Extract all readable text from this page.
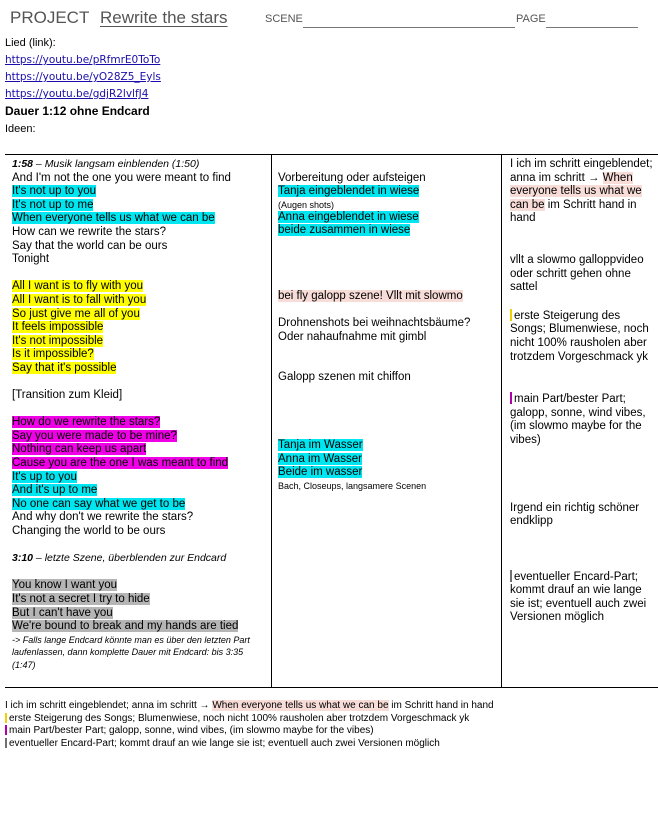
PROJECT Rewrite the stars	SCENE	PAGE
Lied (link):
https://youtu.be/pRfmrE0ToTo
https://youtu.be/yO28Z5_Eyls
https://youtu.be/gdjR2lvlfJ4
Dauer 1:12 ohne Endcard
Ideen:

1:58 – Musik langsam einblenden (1:50)

And I'm not the one you were meant to find

It's not up to you

It's not up to me

When everyone tells us what we can be

How can we rewrite the stars?

Say that the world can be ours

Tonight

All I want is to fly with you

All I want is to fall with you

So just give me all of you

It feels impossible

It's not impossible

Is it impossible?

Say that it's possible

[Transition zum Kleid]

How do we rewrite the stars?

Say you were made to be mine?

Nothing can keep us apart

Cause you are the one I was meant to find

It's up to you

And it's up to me

No one can say what we get to be

And why don't we rewrite the stars?

Changing the world to be ours

3:10 – letzte Szene, überblenden zur Endcard

You know I want you

It's not a secret I try to hide

But I can't have you

We're bound to break and my hands are tied

-> Falls lange Endcard könnte man es über den letzten Part laufenlassen, dann komplette Dauer mit Endcard: bis 3:35 (1:47)

Vorbereitung oder aufsteigen

Tanja eingeblendet in wiese

(Augen shots)

Anna eingeblendet in wiese

beide zusammen in wiese

bei fly galopp szene! Vllt mit slowmo

Drohnenshots bei weihnachtsbäume?

Oder nahaufnahme mit gimbl

Galopp szenen mit chiffon

Tanja im Wasser

Anna im Wasser

Beide im wasser

Bach, Closeups, langsamere Scenen

I ich im schritt eingeblendet; anna im schritt → When everyone tells us what we can be im Schritt hand in hand

vllt a slowmo galloppvideo oder schritt gehen ohne sattel

erste Steigerung des Songs; Blumenwiese, noch nicht 100% rausholen aber trotzdem Vorgeschmack yk

main Part/bester Part; galopp, sonne, wind vibes, (im slowmo maybe for the vibes)

Irgend ein richtig schöner endklipp

eventueller Encard-Part; kommt drauf an wie lange sie ist; eventuell auch zwei Versionen möglich

I ich im schritt eingeblendet; anna im schritt → When everyone tells us what we can be im Schritt hand in hand

erste Steigerung des Songs; Blumenwiese, noch nicht 100% rausholen aber trotzdem Vorgeschmack yk

main Part/bester Part; galopp, sonne, wind vibes, (im slowmo maybe for the vibes)

eventueller Encard-Part; kommt drauf an wie lange sie ist; eventuell auch zwei Versionen möglich
